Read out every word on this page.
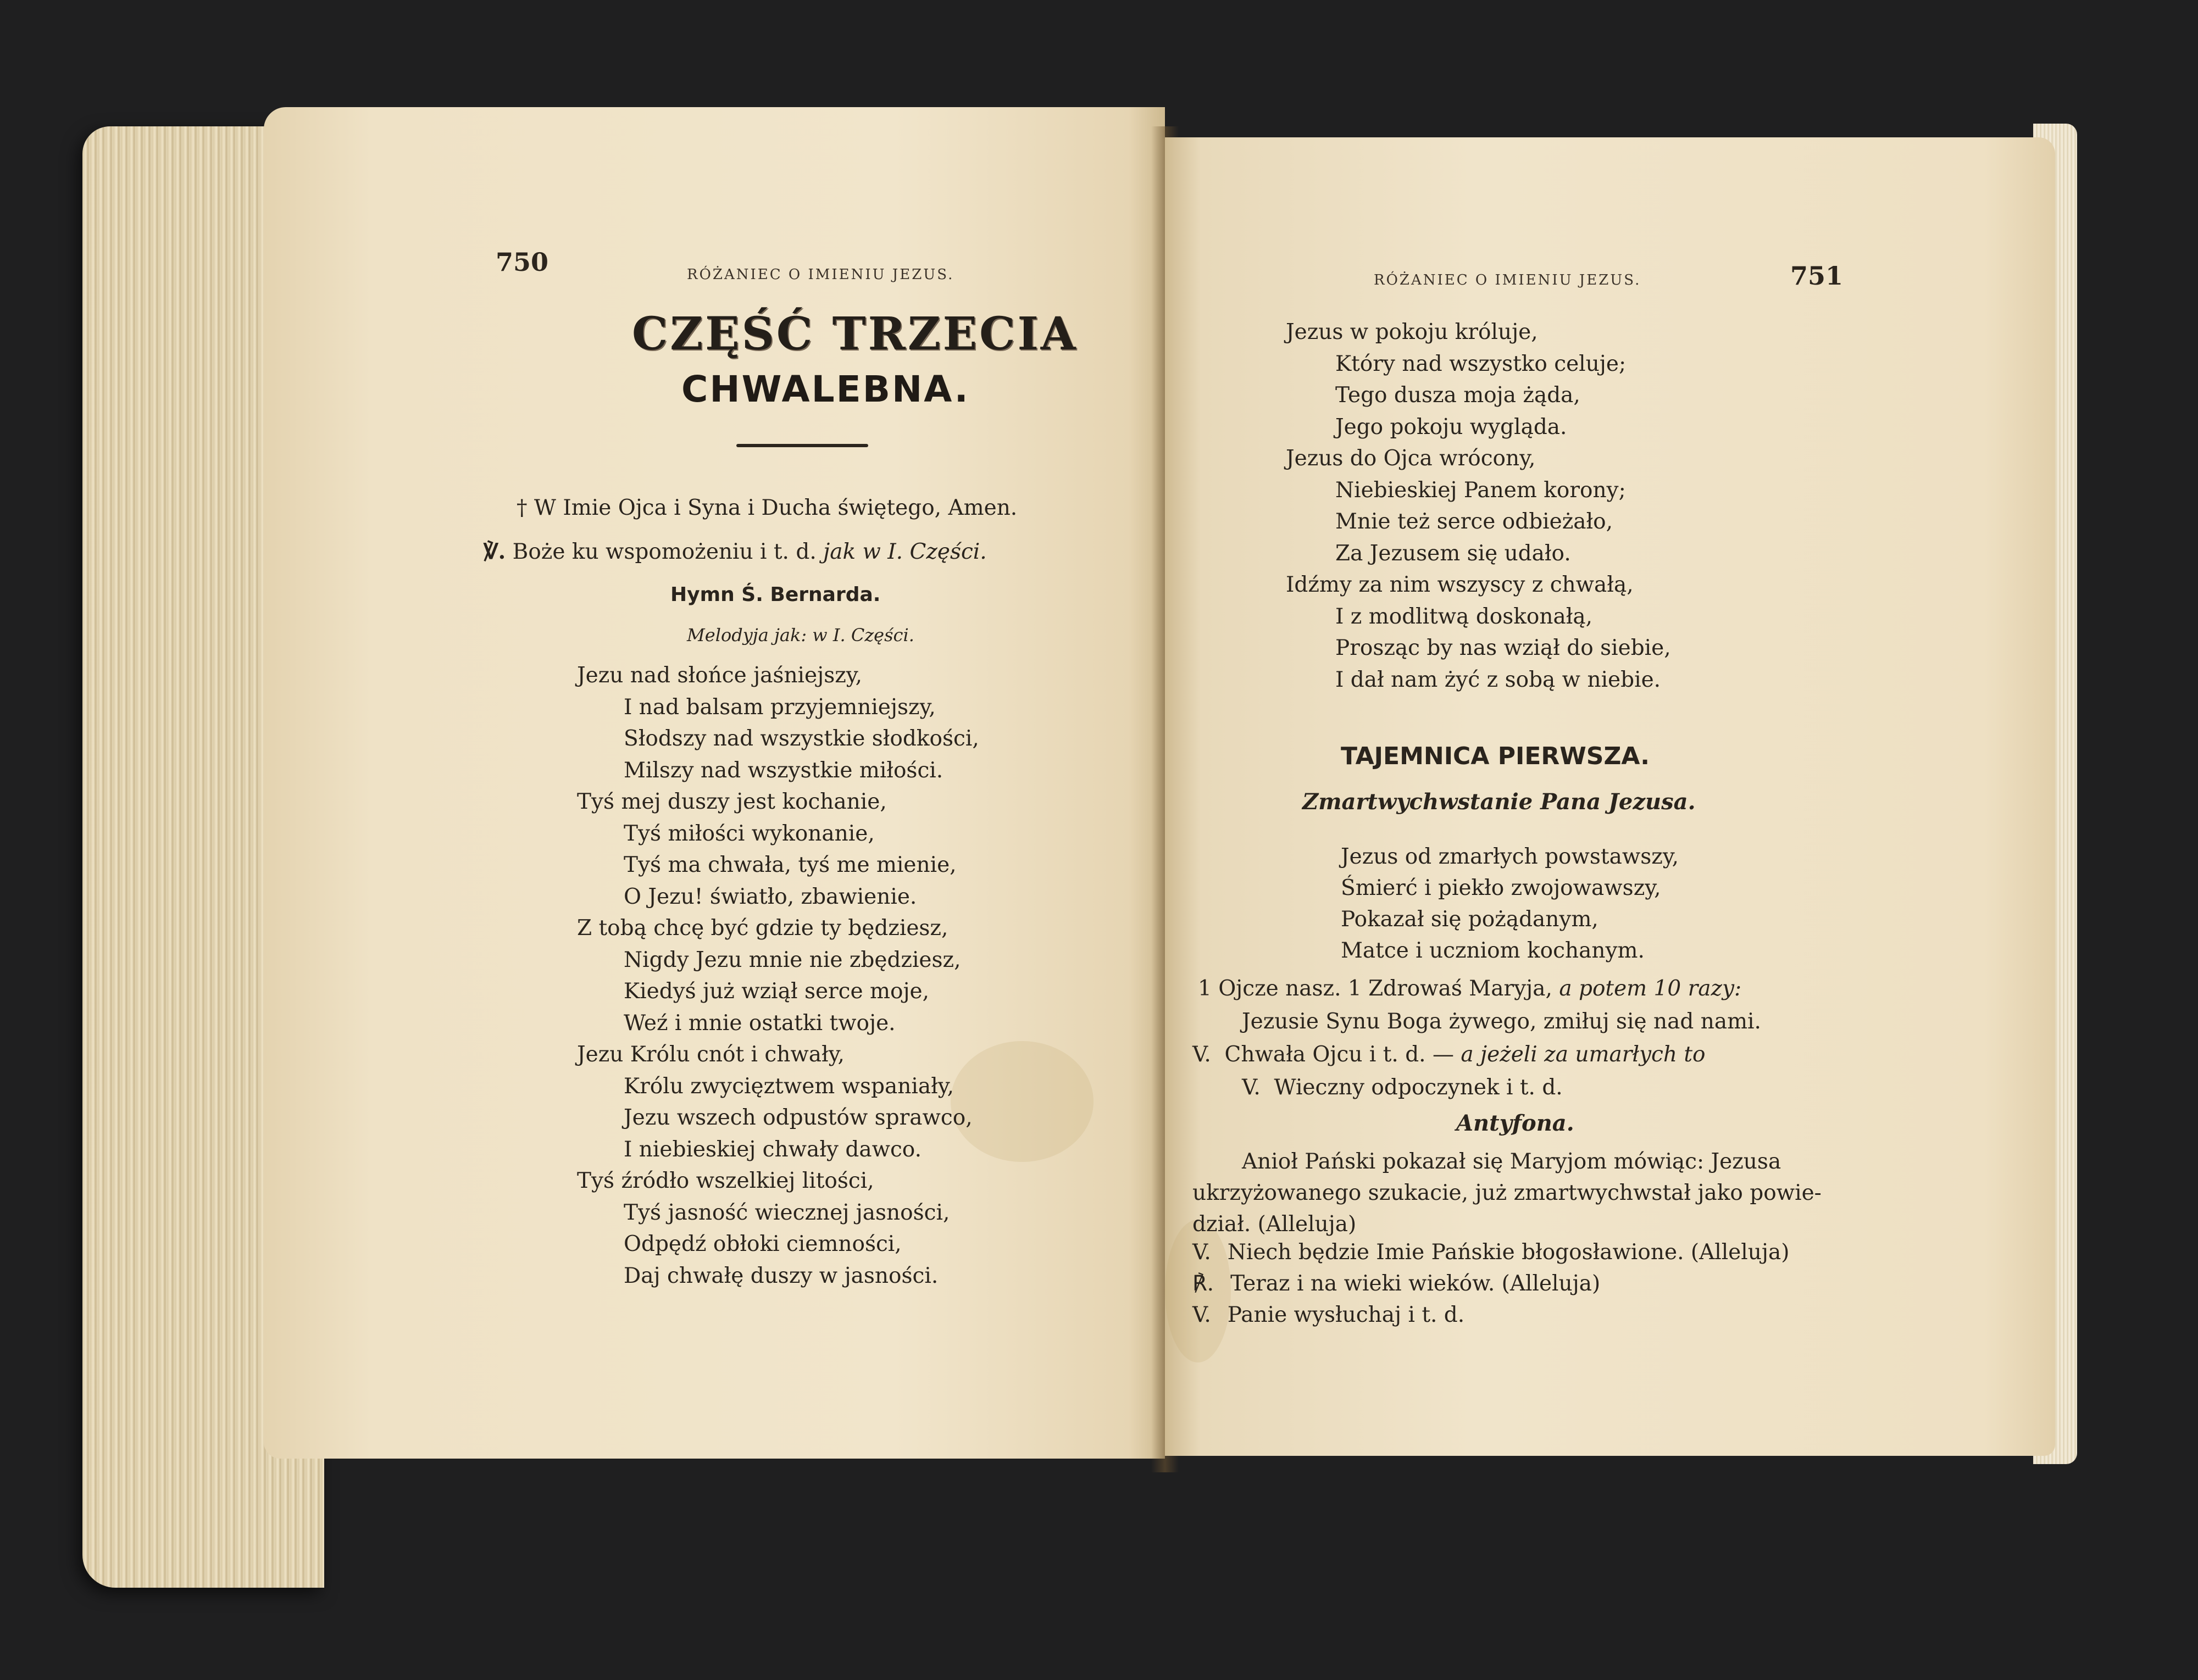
750	RÓŻANIEC O IMIENIU JEZUS.
CZĘŚĆ TRZECIA
CHWALEBNA.
† W Imie Ojca i Syna i Ducha świętego, Amen.
℣. Boże ku wspomożeniu i t. d. jak w I. Części.
Hymn Ś. Bernarda.
Melodyja jak: w I. Części.
Jezu nad słońce jaśniejszy,
I nad balsam przyjemniejszy,
Słodszy nad wszystkie słodkości,
Milszy nad wszystkie miłości.
Tyś mej duszy jest kochanie,
Tyś miłości wykonanie,
Tyś ma chwała, tyś me mienie,
O Jezu! światło, zbawienie.
Z tobą chcę być gdzie ty będziesz,
Nigdy Jezu mnie nie zbędziesz,
Kiedyś już wziął serce moje,
Weź i mnie ostatki twoje.
Jezu Królu cnót i chwały,
Królu zwycięztwem wspaniały,
Jezu wszech odpustów sprawco,
I niebieskiej chwały dawco.
Tyś źródło wszelkiej litości,
Tyś jasność wiecznej jasności,
Odpędź obłoki ciemności,
Daj chwałę duszy w jasności.
RÓŻANIEC O IMIENIU JEZUS.	751
Jezus w pokoju króluje,
Który nad wszystko celuje;
Tego dusza moja żąda,
Jego pokoju wygląda.
Jezus do Ojca wrócony,
Niebieskiej Panem korony;
Mnie też serce odbieżało,
Za Jezusem się udało.
Idźmy za nim wszyscy z chwałą,
I z modlitwą doskonałą,
Prosząc by nas wziął do siebie,
I dał nam żyć z sobą w niebie.
TAJEMNICA PIERWSZA.
Zmartwychwstanie Pana Jezusa.
Jezus od zmarłych powstawszy,
Śmierć i piekło zwojowawszy,
Pokazał się pożądanym,
Matce i uczniom kochanym.
1 Ojcze nasz. 1 Zdrowaś Maryja, a potem 10 razy:
Jezusie Synu Boga żywego, zmiłuj się nad nami.
V. Chwała Ojcu i t. d. — a jeżeli za umarłych to
V. Wieczny odpoczynek i t. d.
Antyfona.
Anioł Pański pokazał się Maryjom mówiąc: Jezusa
ukrzyżowanego szukacie, już zmartwychwstał jako powie-
dział. (Alleluja)
V. Niech będzie Imie Pańskie błogosławione. (Alleluja)
℟. Teraz i na wieki wieków. (Alleluja)
V. Panie wysłuchaj i t. d.
